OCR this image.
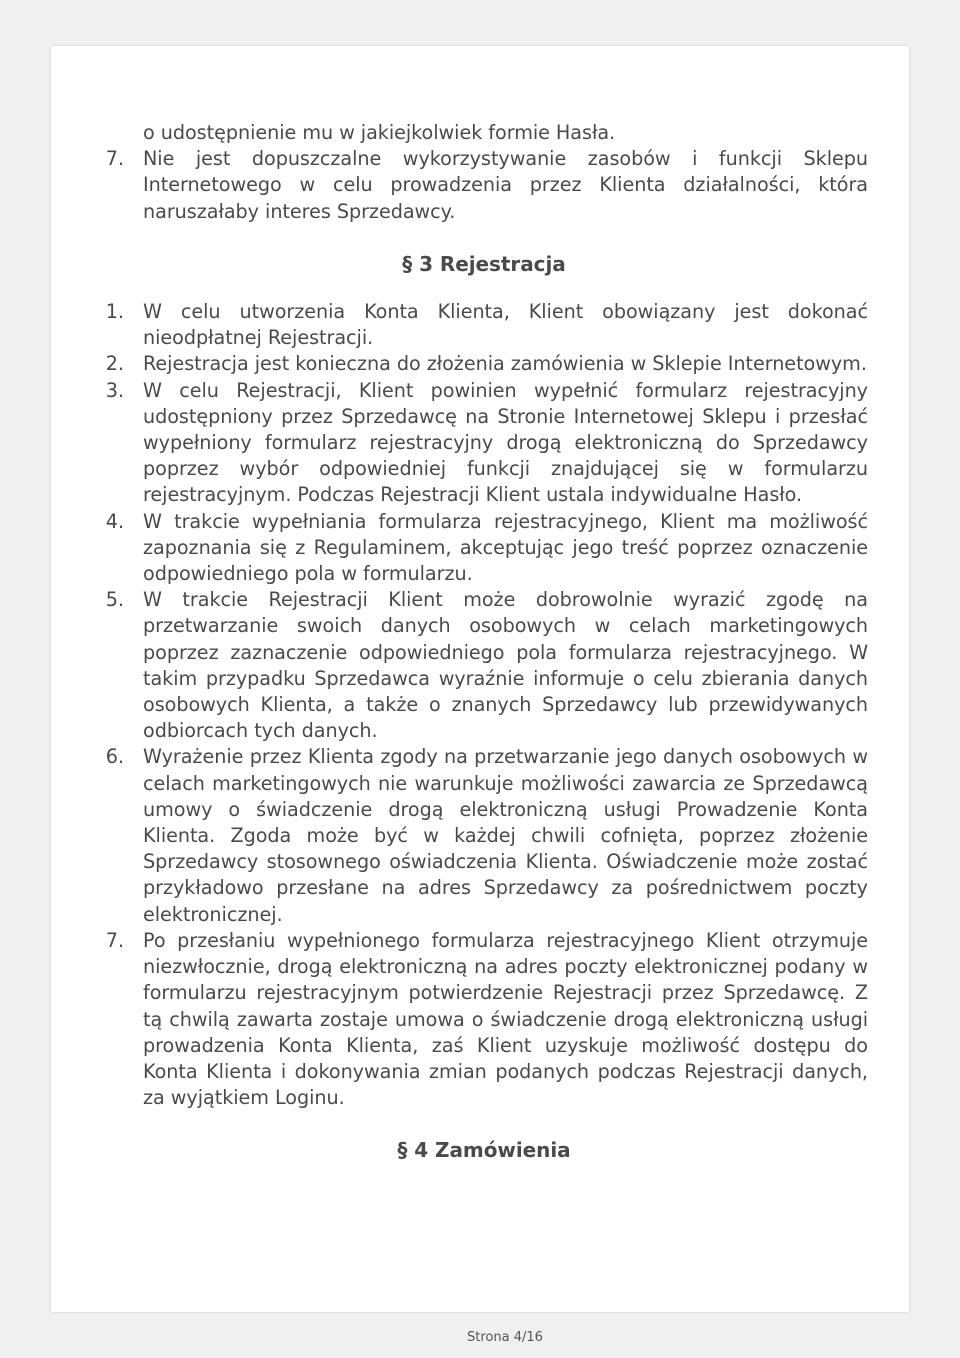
o udostępnienie mu w jakiejkolwiek formie Hasła.
7. Nie jest dopuszczalne wykorzystywanie zasobów i funkcji Sklepu Internetowego w celu prowadzenia przez Klienta działalności, która naruszałaby interes Sprzedawcy.
§ 3 Rejestracja
1. W celu utworzenia Konta Klienta, Klient obowiązany jest dokonać nieodpłatnej Rejestracji.
2. Rejestracja jest konieczna do złożenia zamówienia w Sklepie Internetowym.
3. W celu Rejestracji, Klient powinien wypełnić formularz rejestracyjny udostępniony przez Sprzedawcę na Stronie Internetowej Sklepu i przesłać wypełniony formularz rejestracyjny drogą elektroniczną do Sprzedawcy poprzez wybór odpowiedniej funkcji znajdującej się w formularzu rejestracyjnym. Podczas Rejestracji Klient ustala indywidualne Hasło.
4. W trakcie wypełniania formularza rejestracyjnego, Klient ma możliwość zapoznania się z Regulaminem, akceptując jego treść poprzez oznaczenie odpowiedniego pola w formularzu.
5. W trakcie Rejestracji Klient może dobrowolnie wyrazić zgodę na przetwarzanie swoich danych osobowych w celach marketingowych poprzez zaznaczenie odpowiedniego pola formularza rejestracyjnego. W takim przypadku Sprzedawca wyraźnie informuje o celu zbierania danych osobowych Klienta, a także o znanych Sprzedawcy lub przewidywanych odbiorcach tych danych.
6. Wyrażenie przez Klienta zgody na przetwarzanie jego danych osobowych w celach marketingowych nie warunkuje możliwości zawarcia ze Sprzedawcą umowy o świadczenie drogą elektroniczną usługi Prowadzenie Konta Klienta. Zgoda może być w każdej chwili cofnięta, poprzez złożenie Sprzedawcy stosownego oświadczenia Klienta. Oświadczenie może zostać przykładowo przesłane na adres Sprzedawcy za pośrednictwem poczty elektronicznej.
7. Po przesłaniu wypełnionego formularza rejestracyjnego Klient otrzymuje niezwłocznie, drogą elektroniczną na adres poczty elektronicznej podany w formularzu rejestracyjnym potwierdzenie Rejestracji przez Sprzedawcę. Z tą chwilą zawarta zostaje umowa o świadczenie drogą elektroniczną usługi prowadzenia Konta Klienta, zaś Klient uzyskuje możliwość dostępu do Konta Klienta i dokonywania zmian podanych podczas Rejestracji danych, za wyjątkiem Loginu.
§ 4 Zamówienia
Strona 4/16
